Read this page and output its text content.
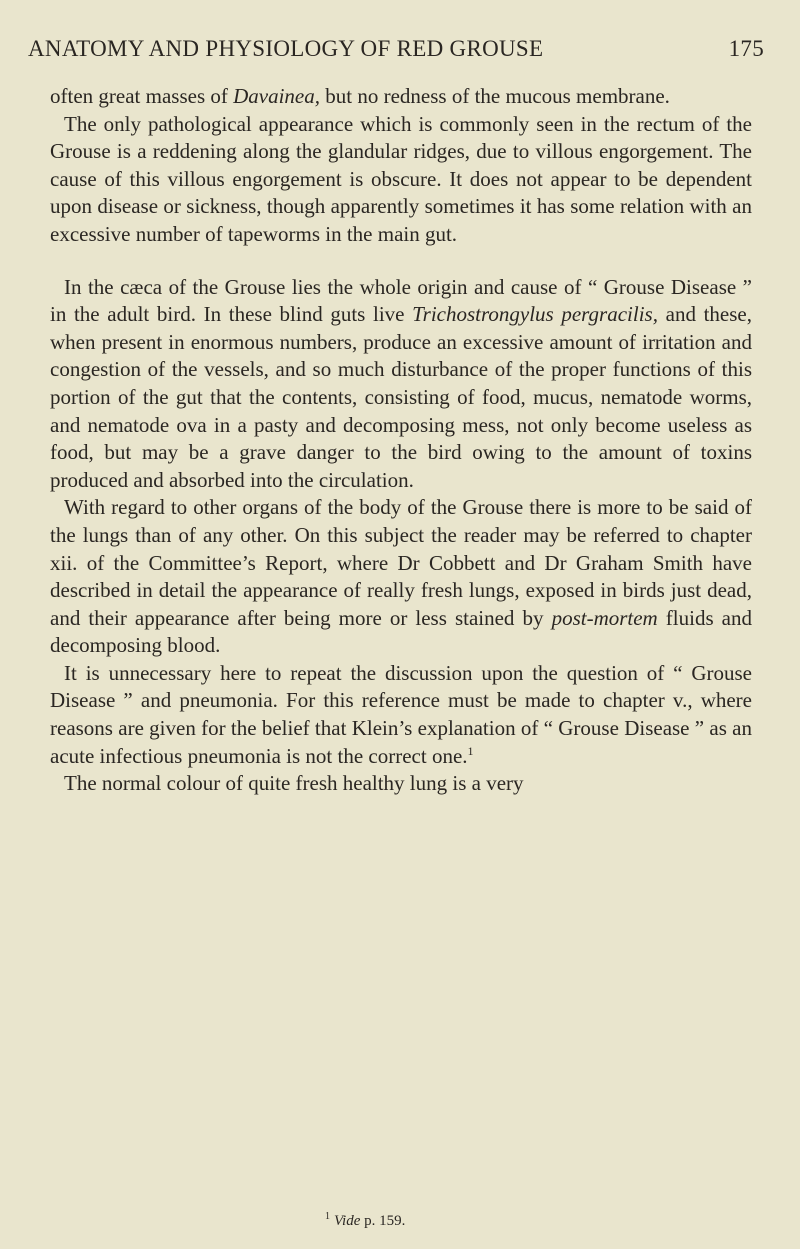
ANATOMY AND PHYSIOLOGY OF RED GROUSE	175

often great masses of Davainea, but no redness of the mucous membrane.

The only pathological appearance which is commonly seen in the rectum of the Grouse is a reddening along the glandular ridges, due to villous engorgement. The cause of this villous engorgement is obscure. It does not appear to be dependent upon disease or sickness, though apparently sometimes it has some relation with an excessive number of tapeworms in the main gut.

In the cæca of the Grouse lies the whole origin and cause of “ Grouse Disease ” in the adult bird. In these blind guts live Trichostrongylus pergracilis, and these, when present in enormous numbers, produce an excessive amount of irritation and congestion of the vessels, and so much disturbance of the proper functions of this portion of the gut that the contents, consisting of food, mucus, nematode worms, and nematode ova in a pasty and decomposing mess, not only become useless as food, but may be a grave danger to the bird owing to the amount of toxins produced and absorbed into the circulation.

With regard to other organs of the body of the Grouse there is more to be said of the lungs than of any other. On this subject the reader may be referred to chapter xii. of the Committee’s Report, where Dr Cobbett and Dr Graham Smith have described in detail the appearance of really fresh lungs, exposed in birds just dead, and their appearance after being more or less stained by post-mortem fluids and decomposing blood.

It is unnecessary here to repeat the discussion upon the question of “ Grouse Disease ” and pneumonia. For this reference must be made to chapter v., where reasons are given for the belief that Klein’s explanation of “ Grouse Disease ” as an acute infectious pneumonia is not the correct one.$^1$

The normal colour of quite fresh healthy lung is a very

$^1$ Vide p. 159.
